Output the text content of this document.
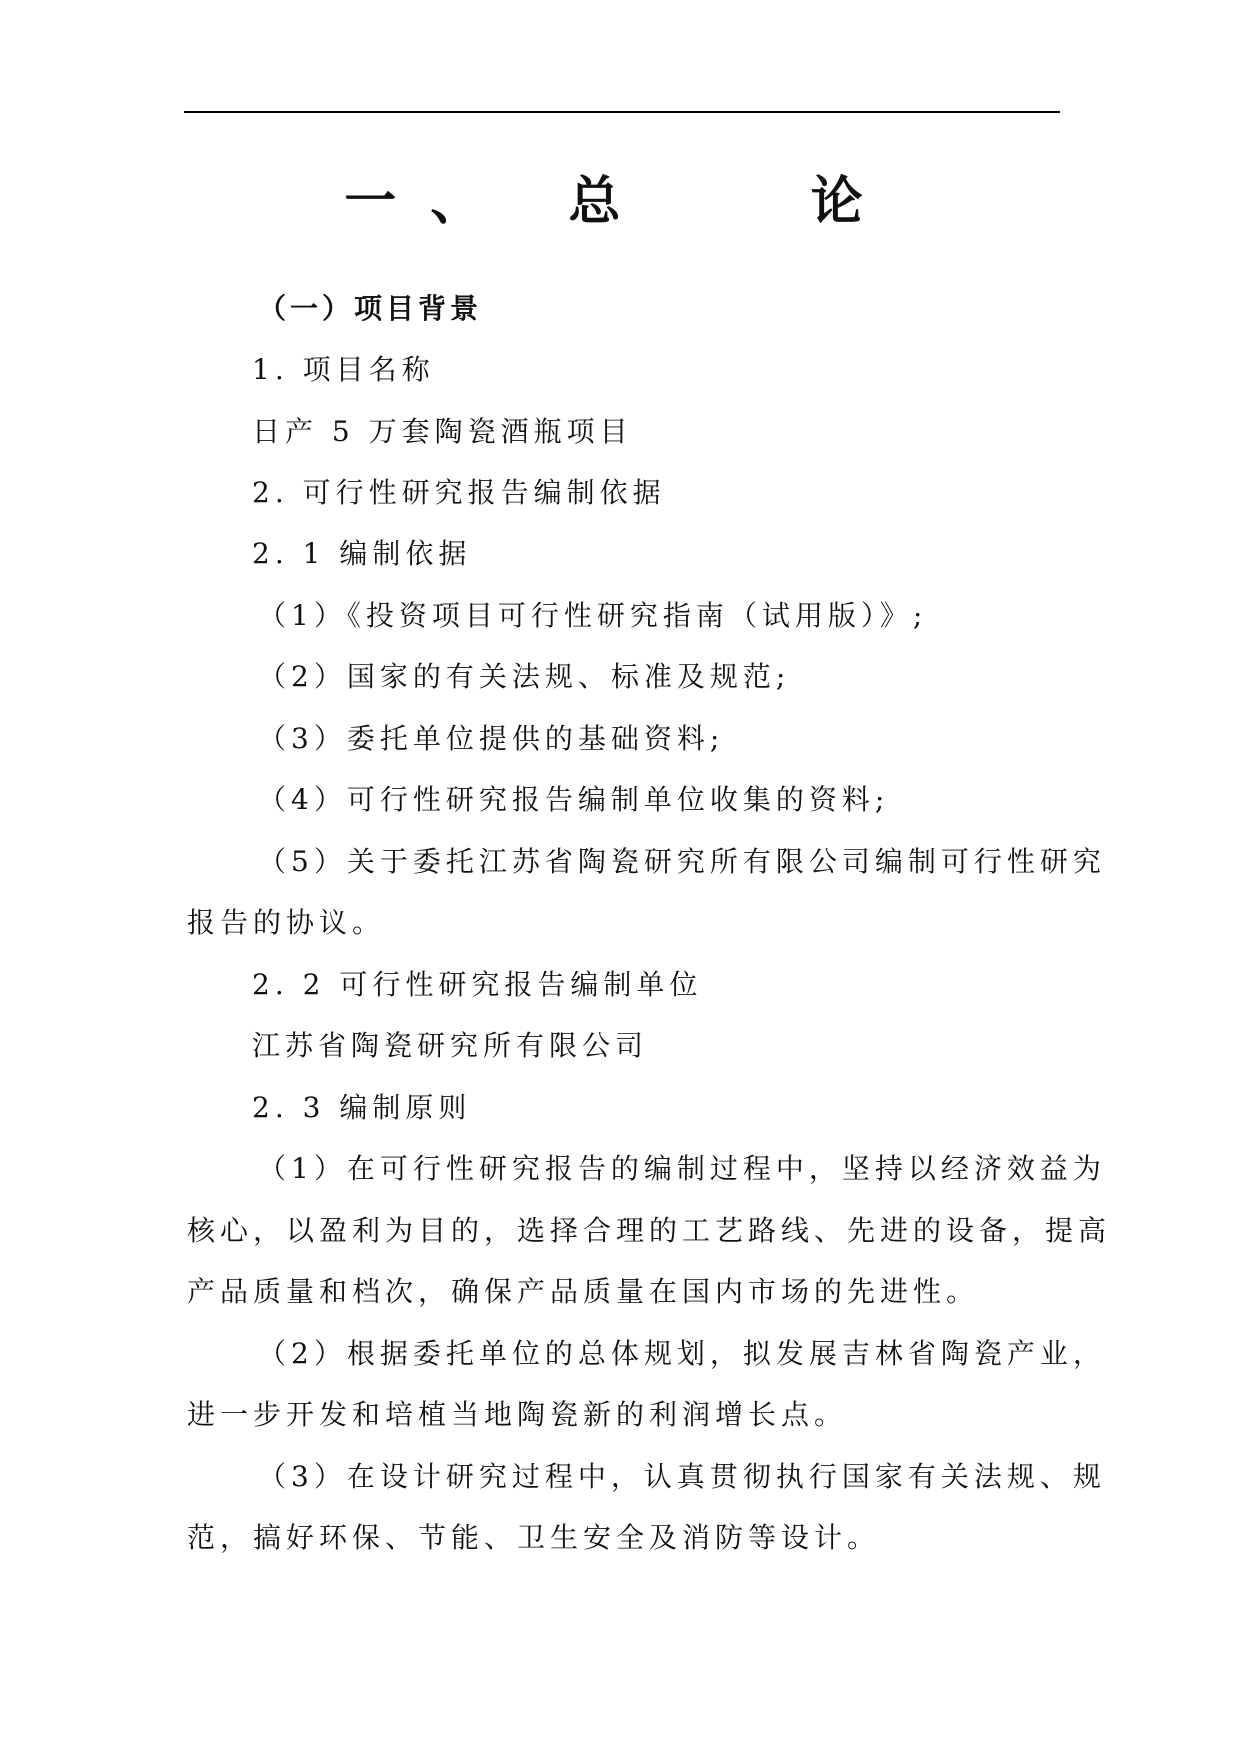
一、 总   论
（一）项目背景
1. 项目名称
日产 5 万套陶瓷酒瓶项目
2. 可行性研究报告编制依据
2. 1 编制依据
（1）《投资项目可行性研究指南（试用版）》;
（2）国家的有关法规、标准及规范;
（3）委托单位提供的基础资料;
（4）可行性研究报告编制单位收集的资料;
（5）关于委托江苏省陶瓷研究所有限公司编制可行性研究
报告的协议。
2. 2 可行性研究报告编制单位
江苏省陶瓷研究所有限公司
2. 3 编制原则
（1）在可行性研究报告的编制过程中，坚持以经济效益为
核心，以盈利为目的，选择合理的工艺路线、先进的设备，提高
产品质量和档次，确保产品质量在国内市场的先进性。
（2）根据委托单位的总体规划，拟发展吉林省陶瓷产业，
进一步开发和培植当地陶瓷新的利润增长点。
（3）在设计研究过程中，认真贯彻执行国家有关法规、规
范，搞好环保、节能、卫生安全及消防等设计。
